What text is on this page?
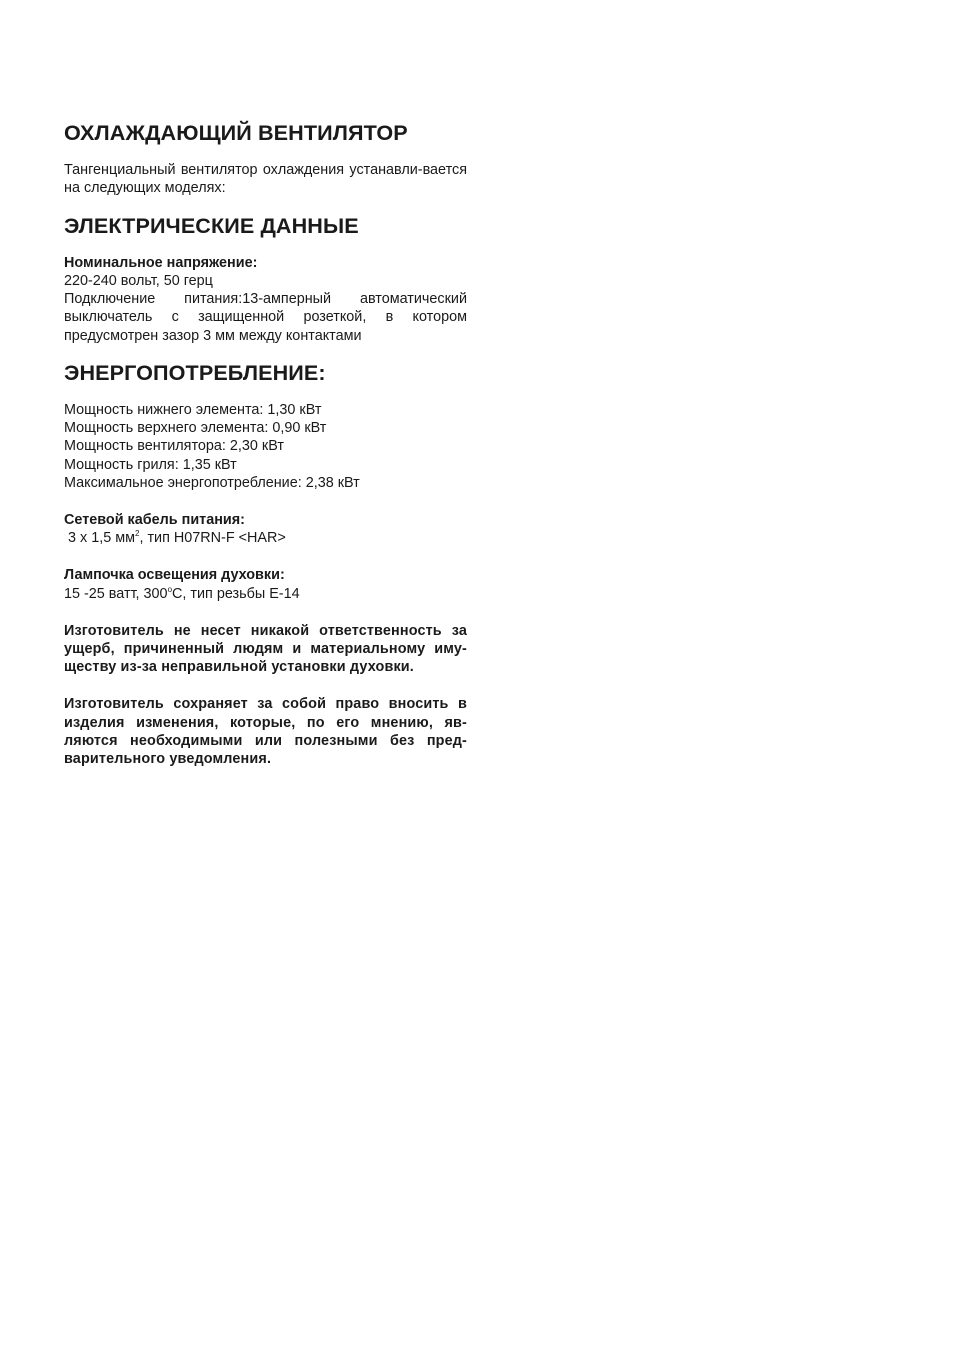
ОХЛАЖДАЮЩИЙ ВЕНТИЛЯТОР

Тангенциальный вентилятор охлаждения устанавли-вается на следующих моделях:

ЭЛЕКТРИЧЕСКИЕ ДАННЫЕ
Номинальное напряжение:
220-240 вольт, 50 герц

Подключение питания:13-амперный автоматический выключатель с защищенной розеткой, в котором предусмотрен зазор 3 мм между контактами

ЭНЕРГОПОТРЕБЛЕНИЕ:
Мощность нижнего элемента: 1,30 кВт
Мощность верхнего элемента: 0,90 кВт
Мощность вентилятора: 2,30 кВт
Мощность гриля: 1,35 кВт
Максимальное энергопотребление: 2,38 кВт
Сетевой кабель питания:
3 х 1,5 $мм^2$, тип H07RN-F <HAR>
Лампочка освещения духовки:
15 -25 ватт, 300$^o$C, тип резьбы Е-14

Изготовитель не несет никакой ответственность за ущерб, причиненный людям и материальному иму-ществу из-за неправильной установки духовки.

Изготовитель сохраняет за собой право вносить в изделия изменения, которые, по его мнению, яв-ляются необходимыми или полезными без пред-варительного уведомления.
